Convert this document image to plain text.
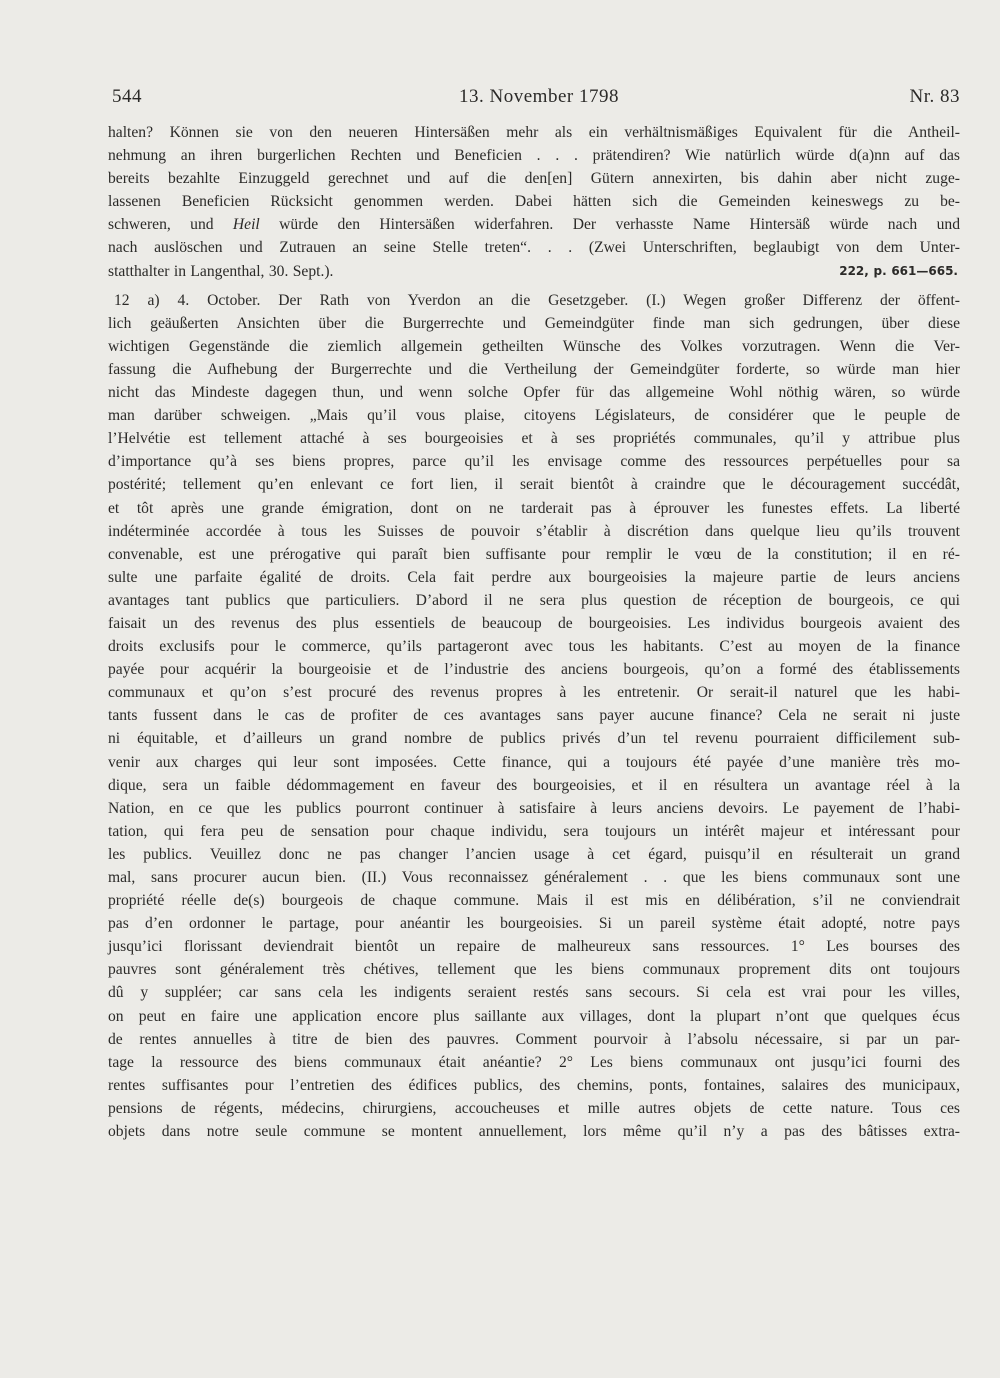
544	13. November 1798	Nr. 83
halten? Können sie von den neueren Hintersäßen mehr als ein verhältnismäßiges Equivalent für die Antheil-
nehmung an ihren burgerlichen Rechten und Beneficien . . . prätendiren? Wie natürlich würde d(a)nn auf das
bereits bezahlte Einzuggeld gerechnet und auf die den[en] Gütern annexirten, bis dahin aber nicht zuge-
lassenen Beneficien Rücksicht genommen werden. Dabei hätten sich die Gemeinden keineswegs zu be-
schweren, und Heil würde den Hintersäßen widerfahren. Der verhasste Name Hintersäß würde nach und
nach auslöschen und Zutrauen an seine Stelle treten“. . . (Zwei Unterschriften, beglaubigt von dem Unter-
statthalter in Langenthal, 30. Sept.).	222, p. 661—665.
12 a) 4. October. Der Rath von Yverdon an die Gesetzgeber. (I.) Wegen großer Differenz der öffent-
lich geäußerten Ansichten über die Burgerrechte und Gemeindgüter finde man sich gedrungen, über diese
wichtigen Gegenstände die ziemlich allgemein getheilten Wünsche des Volkes vorzutragen. Wenn die Ver-
fassung die Aufhebung der Burgerrechte und die Vertheilung der Gemeindgüter forderte, so würde man hier
nicht das Mindeste dagegen thun, und wenn solche Opfer für das allgemeine Wohl nöthig wären, so würde
man darüber schweigen. „Mais qu’il vous plaise, citoyens Législateurs, de considérer que le peuple de
l’Helvétie est tellement attaché à ses bourgeoisies et à ses propriétés communales, qu’il y attribue plus
d’importance qu’à ses biens propres, parce qu’il les envisage comme des ressources perpétuelles pour sa
postérité; tellement qu’en enlevant ce fort lien, il serait bientôt à craindre que le découragement succédât,
et tôt après une grande émigration, dont on ne tarderait pas à éprouver les funestes effets. La liberté
indéterminée accordée à tous les Suisses de pouvoir s’établir à discrétion dans quelque lieu qu’ils trouvent
convenable, est une prérogative qui paraît bien suffisante pour remplir le vœu de la constitution; il en ré-
sulte une parfaite égalité de droits. Cela fait perdre aux bourgeoisies la majeure partie de leurs anciens
avantages tant publics que particuliers. D’abord il ne sera plus question de réception de bourgeois, ce qui
faisait un des revenus des plus essentiels de beaucoup de bourgeoisies. Les individus bourgeois avaient des
droits exclusifs pour le commerce, qu’ils partageront avec tous les habitants. C’est au moyen de la finance
payée pour acquérir la bourgeoisie et de l’industrie des anciens bourgeois, qu’on a formé des établissements
communaux et qu’on s’est procuré des revenus propres à les entretenir. Or serait-il naturel que les habi-
tants fussent dans le cas de profiter de ces avantages sans payer aucune finance? Cela ne serait ni juste
ni équitable, et d’ailleurs un grand nombre de publics privés d’un tel revenu pourraient difficilement sub-
venir aux charges qui leur sont imposées. Cette finance, qui a toujours été payée d’une manière très mo-
dique, sera un faible dédommagement en faveur des bourgeoisies, et il en résultera un avantage réel à la
Nation, en ce que les publics pourront continuer à satisfaire à leurs anciens devoirs. Le payement de l’habi-
tation, qui fera peu de sensation pour chaque individu, sera toujours un intérêt majeur et intéressant pour
les publics. Veuillez donc ne pas changer l’ancien usage à cet égard, puisqu’il en résulterait un grand
mal, sans procurer aucun bien. (II.) Vous reconnaissez généralement . . que les biens communaux sont une
propriété réelle de(s) bourgeois de chaque commune. Mais il est mis en délibération, s’il ne conviendrait
pas d’en ordonner le partage, pour anéantir les bourgeoisies. Si un pareil système était adopté, notre pays
jusqu’ici florissant deviendrait bientôt un repaire de malheureux sans ressources. 1° Les bourses des
pauvres sont généralement très chétives, tellement que les biens communaux proprement dits ont toujours
dû y suppléer; car sans cela les indigents seraient restés sans secours. Si cela est vrai pour les villes,
on peut en faire une application encore plus saillante aux villages, dont la plupart n’ont que quelques écus
de rentes annuelles à titre de bien des pauvres. Comment pourvoir à l’absolu nécessaire, si par un par-
tage la ressource des biens communaux était anéantie? 2° Les biens communaux ont jusqu’ici fourni des
rentes suffisantes pour l’entretien des édifices publics, des chemins, ponts, fontaines, salaires des municipaux,
pensions de régents, médecins, chirurgiens, accoucheuses et mille autres objets de cette nature. Tous ces
objets dans notre seule commune se montent annuellement, lors même qu’il n’y a pas des bâtisses extra-
